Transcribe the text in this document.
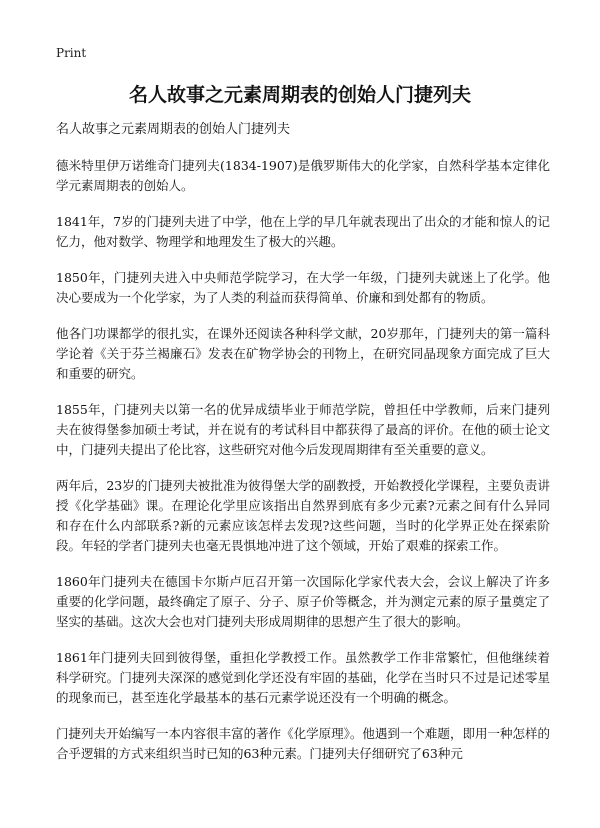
Print
名人故事之元素周期表的创始人门捷列夫

名人故事之元素周期表的创始人门捷列夫

德米特里伊万诺维奇门捷列夫(1834-1907)是俄罗斯伟大的化学家，自然科学基本定律化学元素周期表的创始人。

1841年，7岁的门捷列夫进了中学，他在上学的早几年就表现出了出众的才能和惊人的记忆力，他对数学、物理学和地理发生了极大的兴趣。

1850年，门捷列夫进入中央师范学院学习，在大学一年级，门捷列夫就迷上了化学。他决心要成为一个化学家，为了人类的利益而获得简单、价廉和到处都有的物质。

他各门功课都学的很扎实，在课外还阅读各种科学文献，20岁那年，门捷列夫的第一篇科学论着《关于芬兰褐廉石》发表在矿物学协会的刊物上，在研究同晶现象方面完成了巨大和重要的研究。

1855年，门捷列夫以第一名的优异成绩毕业于师范学院，曾担任中学教师，后来门捷列夫在彼得堡参加硕士考试，并在说有的考试科目中都获得了最高的评价。在他的硕士论文中，门捷列夫提出了伦比容，这些研究对他今后发现周期律有至关重要的意义。

两年后，23岁的门捷列夫被批准为彼得堡大学的副教授，开始教授化学课程，主要负责讲授《化学基础》课。在理论化学里应该指出自然界到底有多少元素?元素之间有什么异同和存在什么内部联系?新的元素应该怎样去发现?这些问题，当时的化学界正处在探索阶段。年轻的学者门捷列夫也毫无畏惧地冲进了这个领域，开始了艰难的探索工作。

1860年门捷列夫在德国卡尔斯卢厄召开第一次国际化学家代表大会，会议上解决了许多重要的化学问题，最终确定了原子、分子、原子价等概念，并为测定元素的原子量奠定了坚实的基础。这次大会也对门捷列夫形成周期律的思想产生了很大的影响。

1861年门捷列夫回到彼得堡，重担化学教授工作。虽然教学工作非常繁忙，但他继续着科学研究。门捷列夫深深的感觉到化学还没有牢固的基础，化学在当时只不过是记述零星的现象而已，甚至连化学最基本的基石元素学说还没有一个明确的概念。

门捷列夫开始编写一本内容很丰富的著作《化学原理》。他遇到一个难题，即用一种怎样的合乎逻辑的方式来组织当时已知的63种元素。门捷列夫仔细研究了63种元
